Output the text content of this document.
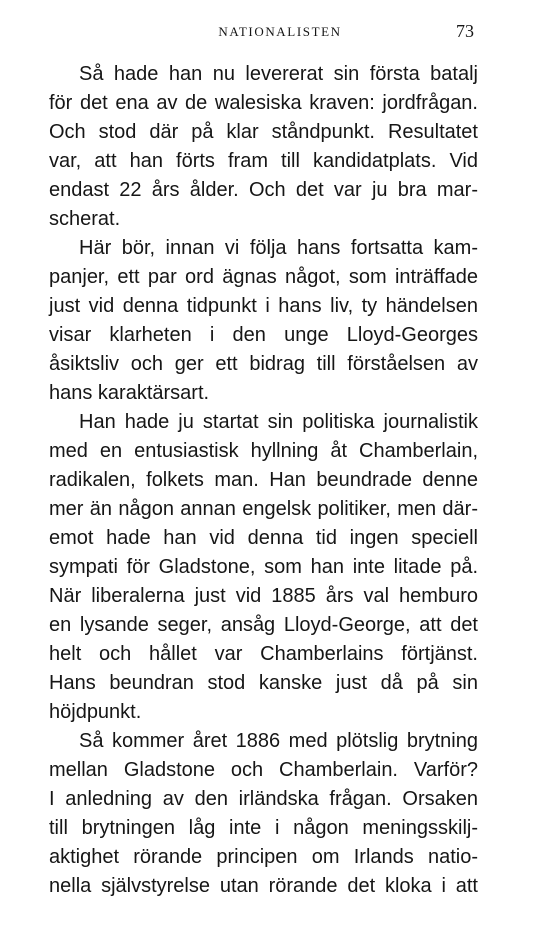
NATIONALISTEN	73
Så hade han nu levererat sin första batalj
för det ena av de walesiska kraven: jordfrågan.
Och stod där på klar ståndpunkt. Resultatet
var, att han förts fram till kandidatplats. Vid
endast 22 års ålder. Och det var ju bra mar-
scherat.
Här bör, innan vi följa hans fortsatta kam-
panjer, ett par ord ägnas något, som inträffade
just vid denna tidpunkt i hans liv, ty händelsen
visar klarheten i den unge Lloyd-Georges
åsiktsliv och ger ett bidrag till förståelsen av
hans karaktärsart.
Han hade ju startat sin politiska journalistik
med en entusiastisk hyllning åt Chamberlain,
radikalen, folkets man. Han beundrade denne
mer än någon annan engelsk politiker, men där-
emot hade han vid denna tid ingen speciell
sympati för Gladstone, som han inte litade på.
När liberalerna just vid 1885 års val hemburo
en lysande seger, ansåg Lloyd-George, att det
helt och hållet var Chamberlains förtjänst.
Hans beundran stod kanske just då på sin
höjdpunkt.
Så kommer året 1886 med plötslig brytning
mellan Gladstone och Chamberlain. Varför?
I anledning av den irländska frågan. Orsaken
till brytningen låg inte i någon meningsskilj-
aktighet rörande principen om Irlands natio-
nella självstyrelse utan rörande det kloka i att
